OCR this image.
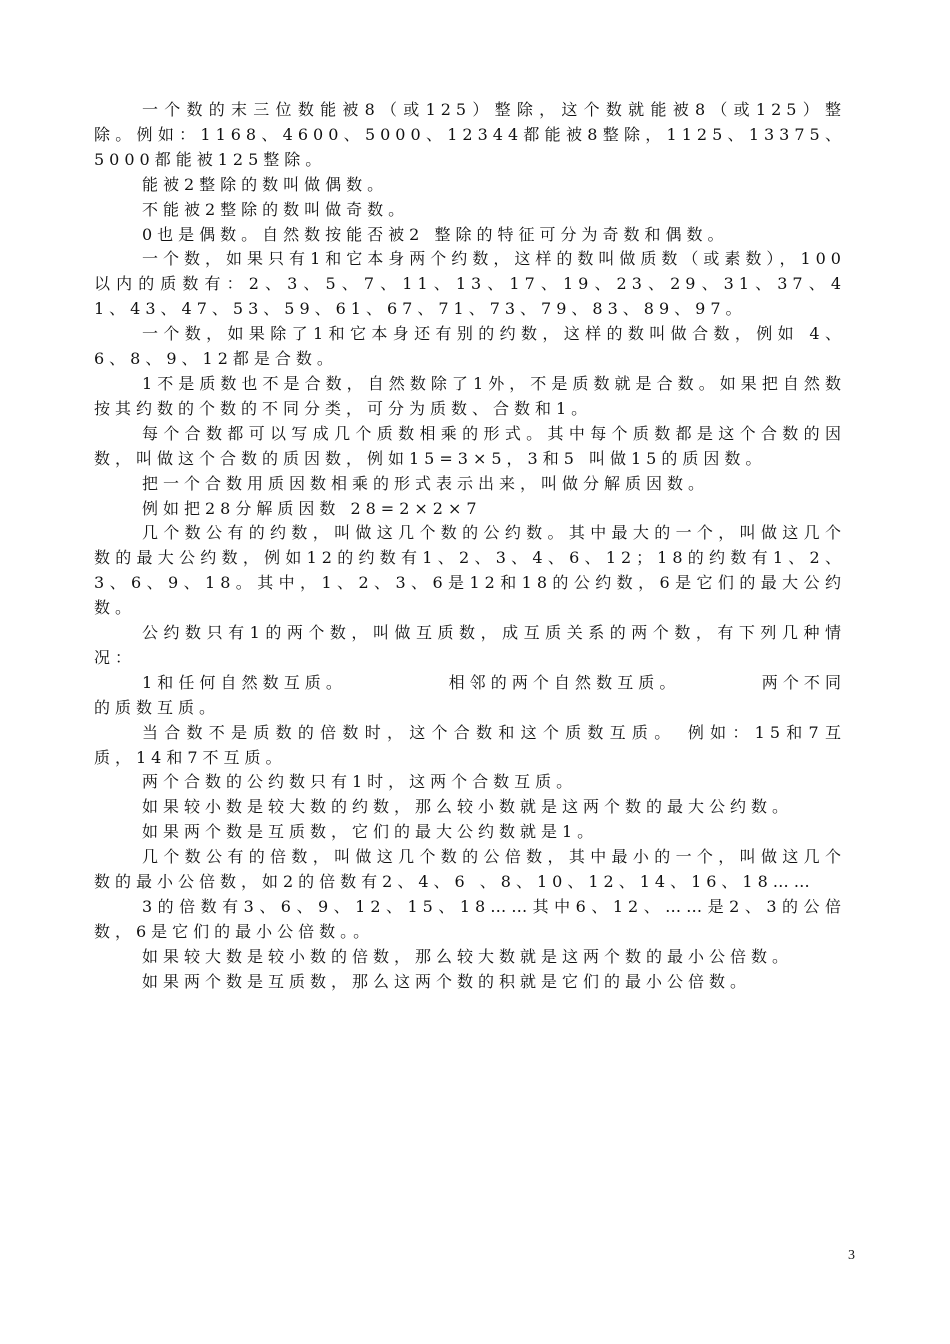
一个数的末三位数能被8（或125）整除，这个数就能被8（或125）整除。例如：1168、4600、5000、12344都能被8整除，1125、13375、5000都能被125整除。

能被2整除的数叫做偶数。

不能被2整除的数叫做奇数。

0也是偶数。自然数按能否被2 整除的特征可分为奇数和偶数。

一个数，如果只有1和它本身两个约数，这样的数叫做质数（或素数），100以内的质数有：2、3、5、7、11、13、17、19、23、29、31、37、41、43、47、53、59、61、67、71、73、79、83、89、97。

一个数，如果除了1和它本身还有别的约数，这样的数叫做合数，例如 4、6、8、9、12都是合数。

1不是质数也不是合数，自然数除了1外，不是质数就是合数。如果把自然数按其约数的个数的不同分类，可分为质数、合数和1。

每个合数都可以写成几个质数相乘的形式。其中每个质数都是这个合数的因数，叫做这个合数的质因数，例如15=3×5，3和5 叫做15的质因数。

把一个合数用质因数相乘的形式表示出来，叫做分解质因数。

例如把28分解质因数 28=2×2×7

几个数公有的约数，叫做这几个数的公约数。其中最大的一个，叫做这几个数的最大公约数，例如12的约数有1、2、3、4、6、12；18的约数有1、2、3、6、9、18。其中，1、2、3、6是12和18的公约数，6是它们的最大公约数。

公约数只有1的两个数，叫做互质数，成互质关系的两个数，有下列几种情况：

1和任何自然数互质。          相邻的两个自然数互质。        两个不同的质数互质。

当合数不是质数的倍数时，这个合数和这个质数互质。 例如：15和7互质，14和7不互质。

两个合数的公约数只有1时，这两个合数互质。

如果较小数是较大数的约数，那么较小数就是这两个数的最大公约数。

如果两个数是互质数，它们的最大公约数就是1。

几个数公有的倍数，叫做这几个数的公倍数，其中最小的一个，叫做这几个数的最小公倍数，如2的倍数有2、4、6 、8、10、12、14、16、18……

3的倍数有3、6、9、12、15、18……其中6、12、……是2、3的公倍数，6是它们的最小公倍数。。

如果较大数是较小数的倍数，那么较大数就是这两个数的最小公倍数。

如果两个数是互质数，那么这两个数的积就是它们的最小公倍数。

3
